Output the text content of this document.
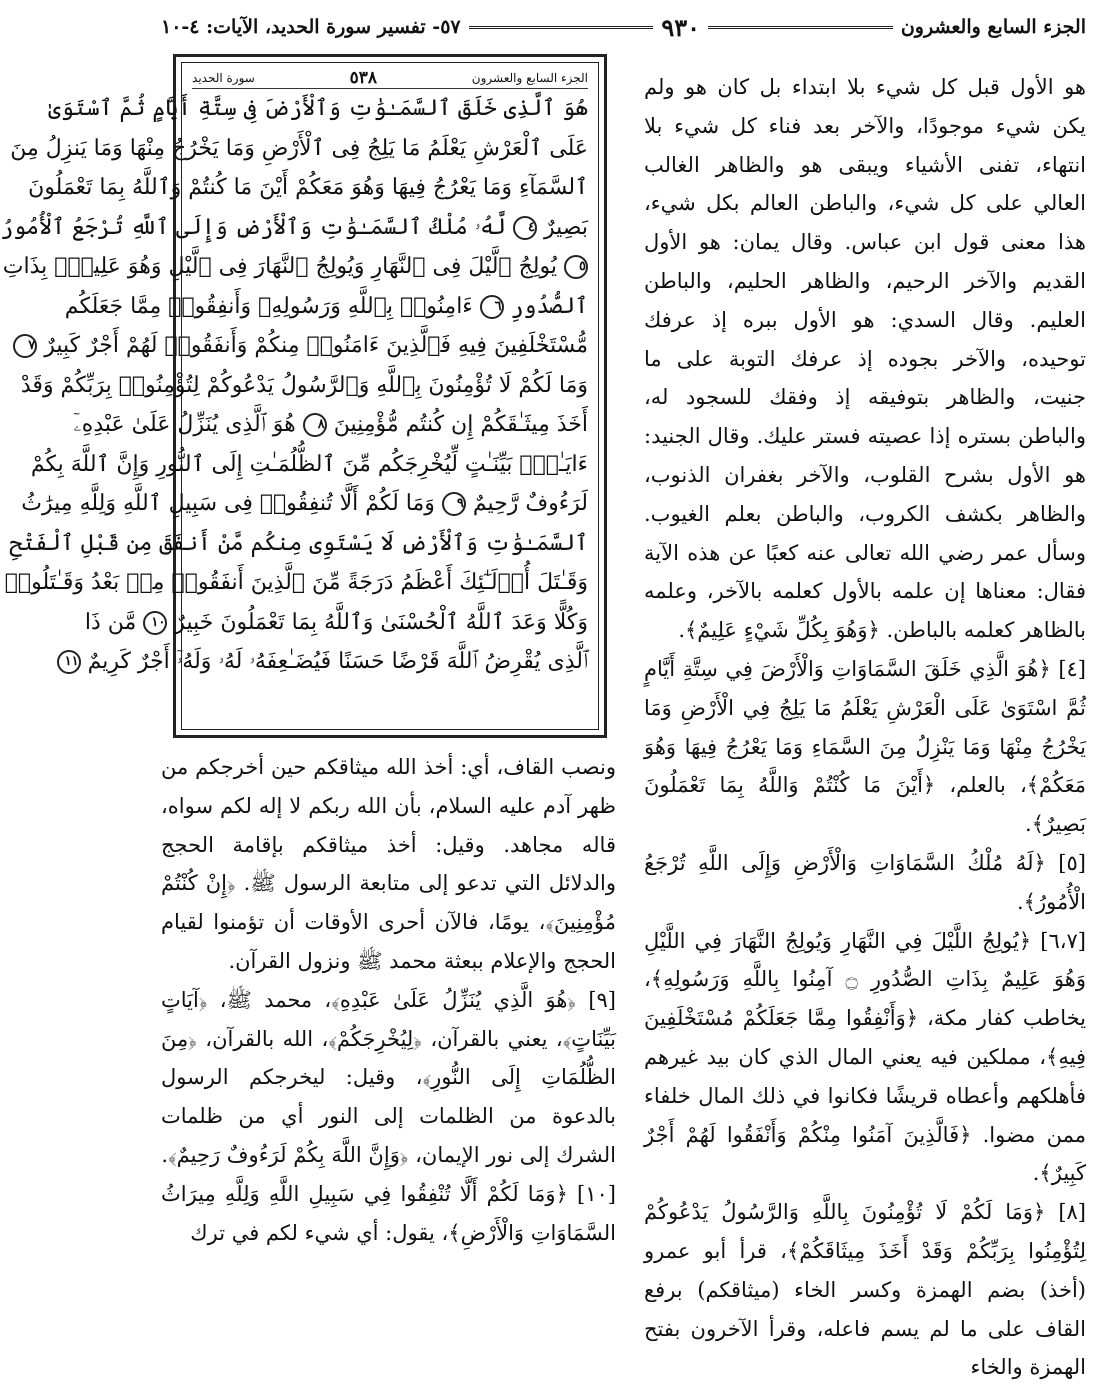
الجزء السابع والعشرون
٩٣٠
٥٧- تفسير سورة الحديد، الآيات: ٤-١٠

هو الأول قبل كل شيء بلا ابتداء بل كان هو ولم يكن شيء موجودًا، والآخر بعد فناء كل شيء بلا انتهاء، تفنى الأشياء ويبقى هو والظاهر الغالب العالي على كل شيء، والباطن العالم بكل شيء، هذا معنى قول ابن عباس. وقال يمان: هو الأول القديم والآخر الرحيم، والظاهر الحليم، والباطن العليم. وقال السدي: هو الأول ببره إذ عرفك توحيده، والآخر بجوده إذ عرفك التوبة على ما جنيت، والظاهر بتوفيقه إذ وفقك للسجود له، والباطن بستره إذا عصيته فستر عليك. وقال الجنيد: هو الأول بشرح القلوب، والآخر بغفران الذنوب، والظاهر بكشف الكروب، والباطن بعلم الغيوب. وسأل عمر رضي الله تعالى عنه كعبًا عن هذه الآية فقال: معناها إن علمه بالأول كعلمه بالآخر، وعلمه بالظاهر كعلمه بالباطن. ﴿وَهُوَ بِكُلِّ شَيْءٍ عَلِيمٌ﴾.

[٤] ﴿هُوَ الَّذِي خَلَقَ السَّمَاوَاتِ وَالْأَرْضَ فِي سِتَّةِ أَيَّامٍ ثُمَّ اسْتَوَىٰ عَلَى الْعَرْشِ يَعْلَمُ مَا يَلِجُ فِي الْأَرْضِ وَمَا يَخْرُجُ مِنْهَا وَمَا يَنْزِلُ مِنَ السَّمَاءِ وَمَا يَعْرُجُ فِيهَا وَهُوَ مَعَكُمْ﴾، بالعلم، ﴿أَيْنَ مَا كُنْتُمْ وَاللَّهُ بِمَا تَعْمَلُونَ بَصِيرٌ﴾.

[٥] ﴿لَهُ مُلْكُ السَّمَاوَاتِ وَالْأَرْضِ وَإِلَى اللَّهِ تُرْجَعُ الْأُمُورُ﴾.

[٦،٧] ﴿يُولِجُ اللَّيْلَ فِي النَّهَارِ وَيُولِجُ النَّهَارَ فِي اللَّيْلِ وَهُوَ عَلِيمٌ بِذَاتِ الصُّدُورِ ۝ آمِنُوا بِاللَّهِ وَرَسُولِهِ﴾، يخاطب كفار مكة، ﴿وَأَنْفِقُوا مِمَّا جَعَلَكُمْ مُسْتَخْلَفِينَ فِيهِ﴾، مملكين فيه يعني المال الذي كان بيد غيرهم فأهلكهم وأعطاه قريشًا فكانوا في ذلك المال خلفاء ممن مضوا. ﴿فَالَّذِينَ آمَنُوا مِنْكُمْ وَأَنْفَقُوا لَهُمْ أَجْرٌ كَبِيرٌ﴾.

[٨] ﴿وَمَا لَكُمْ لَا تُؤْمِنُونَ بِاللَّهِ وَالرَّسُولُ يَدْعُوكُمْ لِتُؤْمِنُوا بِرَبِّكُمْ وَقَدْ أَخَذَ مِيثَاقَكُمْ﴾، قرأ أبو عمرو (أخذ) بضم الهمزة وكسر الخاء (ميثاقكم) برفع القاف على ما لم يسم فاعله، وقرأ الآخرون بفتح الهمزة والخاء

الجزء السابع والعشرون
٥٣٨
سورة الحديد
هُوَ ٱلَّذِى خَلَقَ ٱلسَّمَـٰوَٰتِ وَٱلْأَرْضَ فِى سِتَّةِ أَيَّامٍ ثُمَّ ٱسْتَوَىٰ
عَلَى ٱلْعَرْشِ يَعْلَمُ مَا يَلِجُ فِى ٱلْأَرْضِ وَمَا يَخْرُجُ مِنْهَا وَمَا يَنزِلُ مِنَ
ٱلسَّمَآءِ وَمَا يَعْرُجُ فِيهَا وَهُوَ مَعَكُمْ أَيْنَ مَا كُنتُمْ وَٱللَّهُ بِمَا تَعْمَلُونَ
بَصِيرٌ ٤ لَّهُۥ مُلْكُ ٱلسَّمَـٰوَٰتِ وَٱلْأَرْضِ وَإِلَى ٱللَّهِ تُرْجَعُ ٱلْأُمُورُ
٥ يُولِجُ ٱلَّيْلَ فِى ٱلنَّهَارِ وَيُولِجُ ٱلنَّهَارَ فِى ٱلَّيْلِ وَهُوَ عَلِيمٌۢ بِذَاتِ
ٱلصُّدُورِ ٦ ءَامِنُوا۟ بِٱللَّهِ وَرَسُولِهِۦ وَأَنفِقُوا۟ مِمَّا جَعَلَكُم
مُّسْتَخْلَفِينَ فِيهِ فَٱلَّذِينَ ءَامَنُوا۟ مِنكُمْ وَأَنفَقُوا۟ لَهُمْ أَجْرٌ كَبِيرٌ ٧
وَمَا لَكُمْ لَا تُؤْمِنُونَ بِٱللَّهِ وَٱلرَّسُولُ يَدْعُوكُمْ لِتُؤْمِنُوا۟ بِرَبِّكُمْ وَقَدْ
أَخَذَ مِيثَـٰقَكُمْ إِن كُنتُم مُّؤْمِنِينَ ٨ هُوَ ٱلَّذِى يُنَزِّلُ عَلَىٰ عَبْدِهِۦٓ
ءَايَـٰتٍۭ بَيِّنَـٰتٍ لِّيُخْرِجَكُم مِّنَ ٱلظُّلُمَـٰتِ إِلَى ٱلنُّورِ وَإِنَّ ٱللَّهَ بِكُمْ
لَرَءُوفٌ رَّحِيمٌ ٩ وَمَا لَكُمْ أَلَّا تُنفِقُوا۟ فِى سَبِيلِ ٱللَّهِ وَلِلَّهِ مِيرَٰثُ
ٱلسَّمَـٰوَٰتِ وَٱلْأَرْضِ لَا يَسْتَوِى مِنكُم مَّنْ أَنفَقَ مِن قَبْلِ ٱلْفَتْحِ
وَقَـٰتَلَ أُو۟لَـٰٓئِكَ أَعْظَمُ دَرَجَةً مِّنَ ٱلَّذِينَ أَنفَقُوا۟ مِنۢ بَعْدُ وَقَـٰتَلُوا۟
وَكُلًّا وَعَدَ ٱللَّهُ ٱلْحُسْنَىٰ وَٱللَّهُ بِمَا تَعْمَلُونَ خَبِيرٌ ١٠ مَّن ذَا
ٱلَّذِى يُقْرِضُ ٱللَّهَ قَرْضًا حَسَنًا فَيُضَـٰعِفَهُۥ لَهُۥ وَلَهُۥٓ أَجْرٌ كَرِيمٌ ١١

ونصب القاف، أي: أخذ الله ميثاقكم حين أخرجكم من ظهر آدم عليه السلام، بأن الله ربكم لا إله لكم سواه، قاله مجاهد. وقيل: أخذ ميثاقكم بإقامة الحجج والدلائل التي تدعو إلى متابعة الرسول ﷺ. ﴿إِنْ كُنْتُمْ مُؤْمِنِينَ﴾، يومًا، فالآن أحرى الأوقات أن تؤمنوا لقيام الحجج والإعلام ببعثة محمد ﷺ ونزول القرآن.

[٩] ﴿هُوَ الَّذِي يُنَزِّلُ عَلَىٰ عَبْدِهِ﴾، محمد ﷺ، ﴿آيَاتٍ بَيِّنَاتٍ﴾، يعني بالقرآن، ﴿لِيُخْرِجَكُمْ﴾، الله بالقرآن، ﴿مِنَ الظُّلُمَاتِ إِلَى النُّورِ﴾، وقيل: ليخرجكم الرسول بالدعوة من الظلمات إلى النور أي من ظلمات الشرك إلى نور الإيمان، ﴿وَإِنَّ اللَّهَ بِكُمْ لَرَءُوفٌ رَحِيمٌ﴾.

[١٠] ﴿وَمَا لَكُمْ أَلَّا تُنْفِقُوا فِي سَبِيلِ اللَّهِ وَلِلَّهِ مِيرَاثُ السَّمَاوَاتِ وَالْأَرْضِ﴾، يقول: أي شيء لكم في ترك
